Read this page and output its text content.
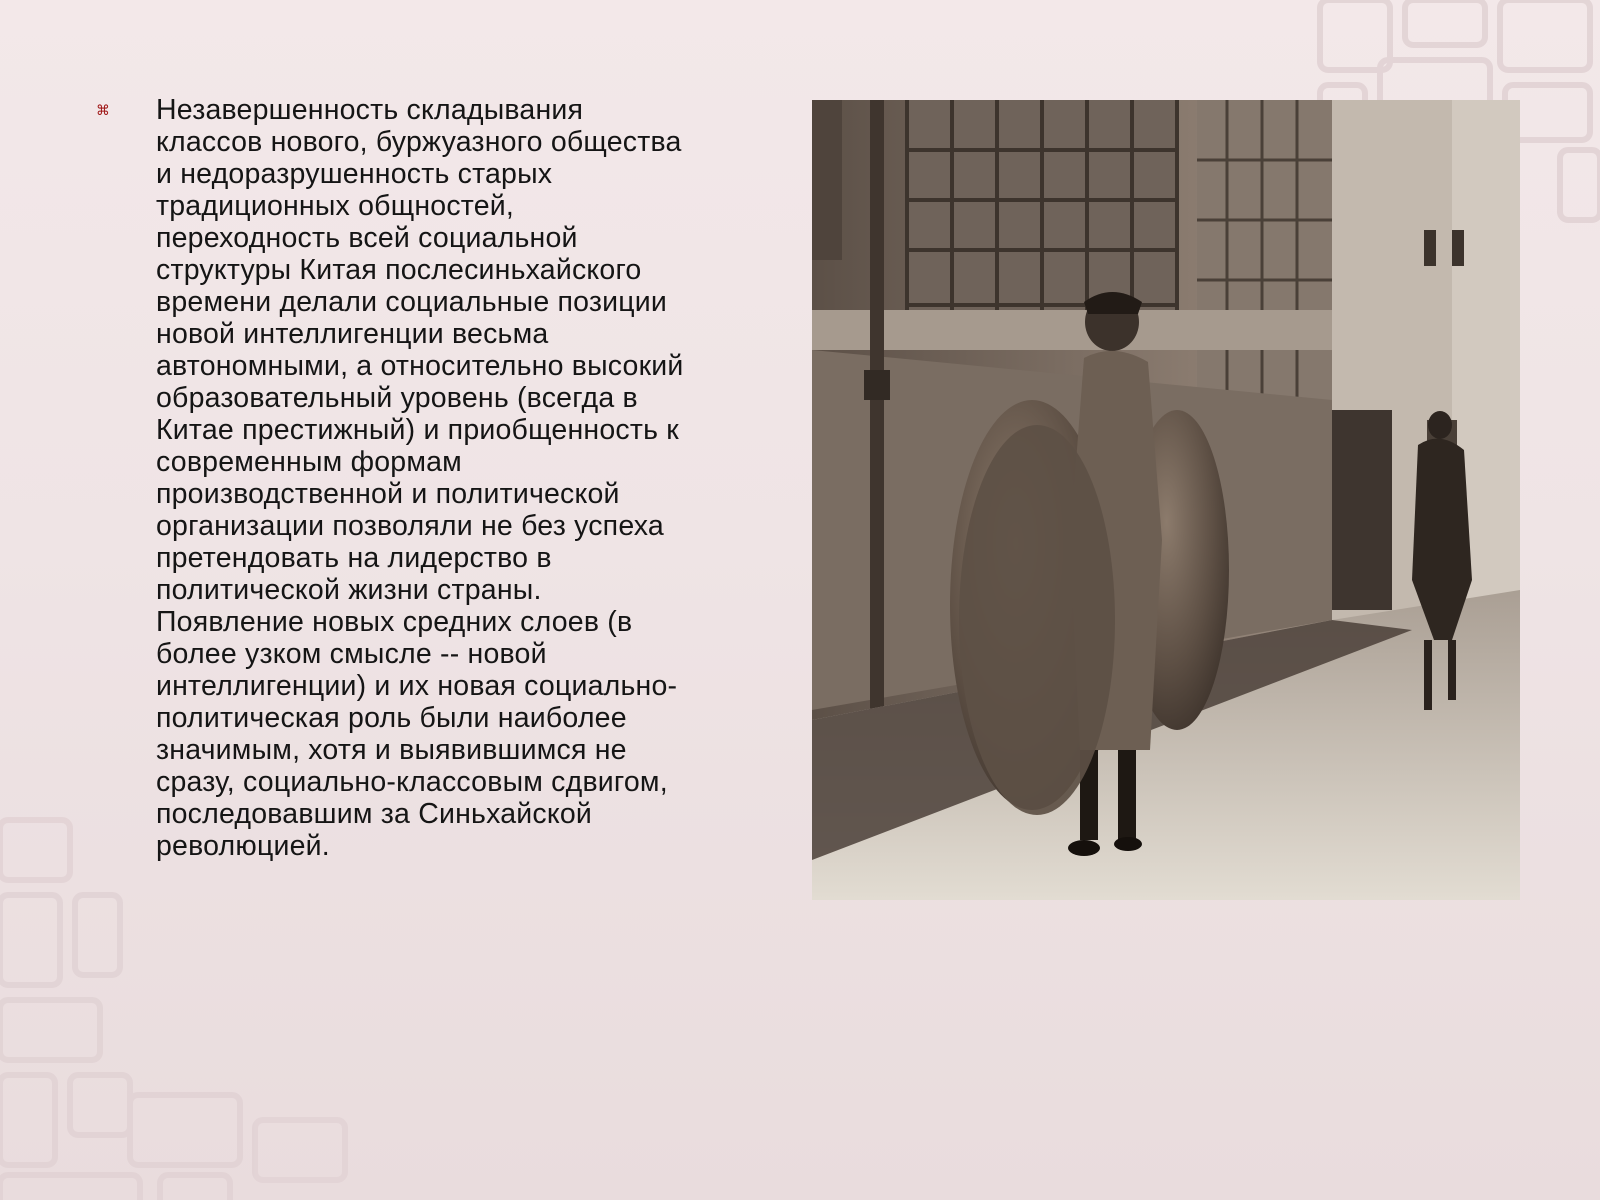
⌘ Незавершенность складывания
классов нового, буржуазного общества
и недоразрушенность старых
традиционных общностей,
переходность всей социальной
структуры Китая послесиньхайского
времени делали социальные позиции
новой интеллигенции весьма
автономными, а относительно высокий
образовательный уровень (всегда в
Китае престижный) и приобщенность к
современным формам
производственной и политической
организации позволяли не без успеха
претендовать на лидерство в
политической жизни страны.
Появление новых средних слоев (в
более узком смысле -- новой
интеллигенции) и их новая социально-
политическая роль были наиболее
значимым, хотя и выявившимся не
сразу, социально-классовым сдвигом,
последовавшим за Синьхайской
революцией.
